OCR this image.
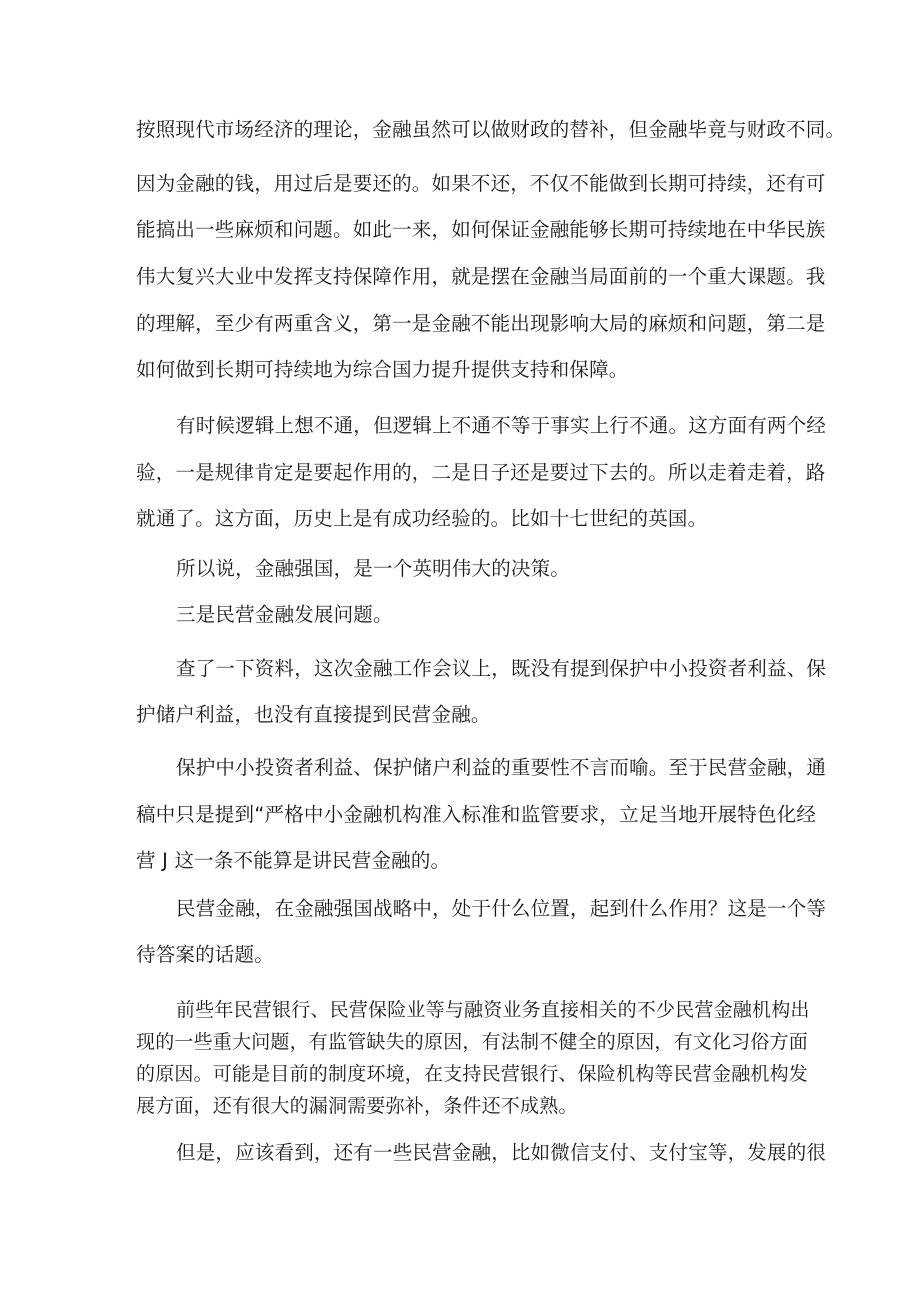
按照现代市场经济的理论，金融虽然可以做财政的替补，但金融毕竟与财政不同。
因为金融的钱，用过后是要还的。如果不还，不仅不能做到长期可持续，还有可
能搞出一些麻烦和问题。如此一来，如何保证金融能够长期可持续地在中华民族
伟大复兴大业中发挥支持保障作用，就是摆在金融当局面前的一个重大课题。我
的理解，至少有两重含义，第一是金融不能出现影响大局的麻烦和问题，第二是
如何做到长期可持续地为综合国力提升提供支持和保障。
有时候逻辑上想不通，但逻辑上不通不等于事实上行不通。这方面有两个经
验，一是规律肯定是要起作用的，二是日子还是要过下去的。所以走着走着，路
就通了。这方面，历史上是有成功经验的。比如十七世纪的英国。
所以说，金融强国，是一个英明伟大的决策。
三是民营金融发展问题。
查了一下资料，这次金融工作会议上，既没有提到保护中小投资者利益、保
护储户利益，也没有直接提到民营金融。
保护中小投资者利益、保护储户利益的重要性不言而喻。至于民营金融，通
稿中只是提到“严格中小金融机构准入标准和监管要求，立足当地开展特色化经
营 J 这一条不能算是讲民营金融的。
民营金融，在金融强国战略中，处于什么位置，起到什么作用？这是一个等
待答案的话题。
前些年民营银行、民营保险业等与融资业务直接相关的不少民营金融机构出
现的一些重大问题，有监管缺失的原因，有法制不健全的原因，有文化习俗方面
的原因。可能是目前的制度环境，在支持民营银行、保险机构等民营金融机构发
展方面，还有很大的漏洞需要弥补，条件还不成熟。
但是，应该看到，还有一些民营金融，比如微信支付、支付宝等，发展的很
